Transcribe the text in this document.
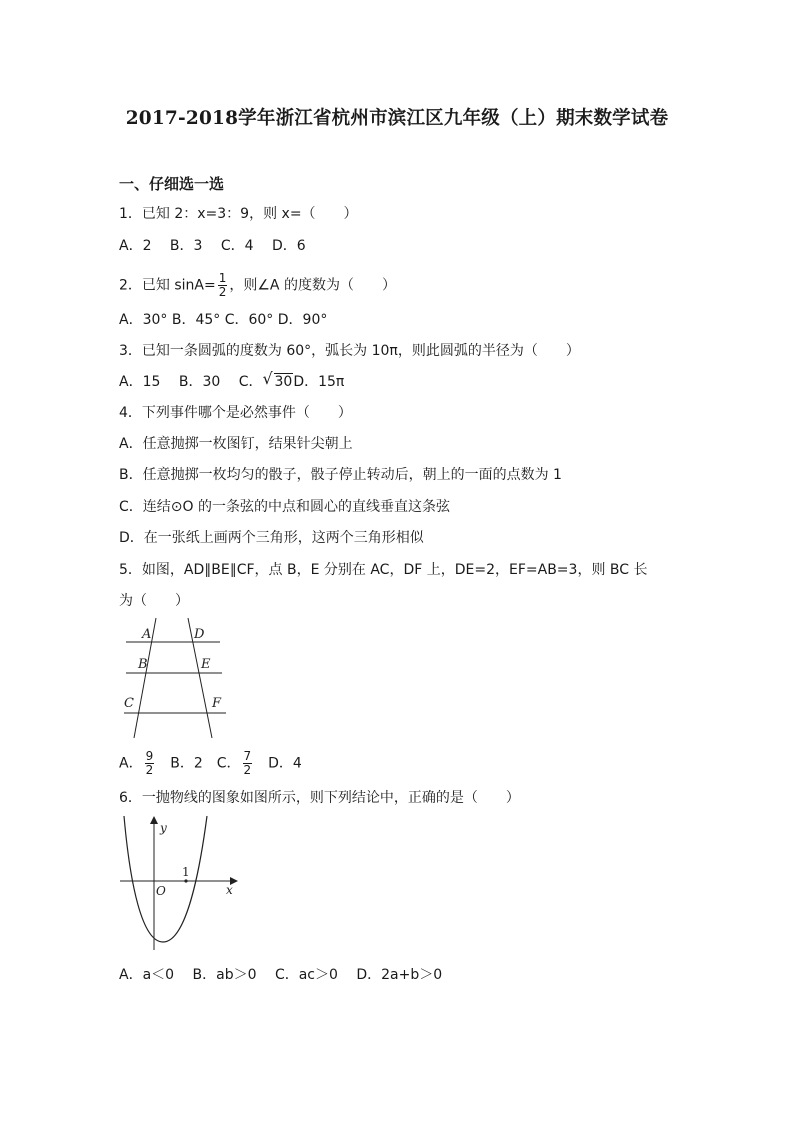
2017-2018学年浙江省杭州市滨江区九年级（上）期末数学试卷
一、仔细选一选
1．已知 2：x=3：9，则 x=（　　）
A．2　 B．3　 C．4　 D．6
2．已知 $\sin A= \frac{1}{2}$ ，则∠A 的度数为（　　）
A．30° B．45° C．60° D．90°
3．已知一条圆弧的度数为 60°，弧长为 10π，则此圆弧的半径为（　　）
A．15　 B．30　 C． √ 30D．15π
4．下列事件哪个是必然事件（　　）
A．任意抛掷一枚图钉，结果针尖朝上
B．任意抛掷一枚均匀的骰子，骰子停止转动后，朝上的一面的点数为 1
C．连结⊙O 的一条弦的中点和圆心的直线垂直这条弦
D．在一张纸上画两个三角形，这两个三角形相似
5．如图，AD∥BE∥CF，点 B，E 分别在 AC，DF 上，DE=2，EF=AB=3，则 BC 长
为（　　）
A	D
B	E
C	F
A． $\frac{9}{2}$ B．2 C． $\frac{7}{2}$ D．4
6．一抛物线的图象如图所示，则下列结论中，正确的是（　　）
y
x
O
1
A．a＜0　 B．ab＞0　 C．ac＞0　 D．2a+b＞0
